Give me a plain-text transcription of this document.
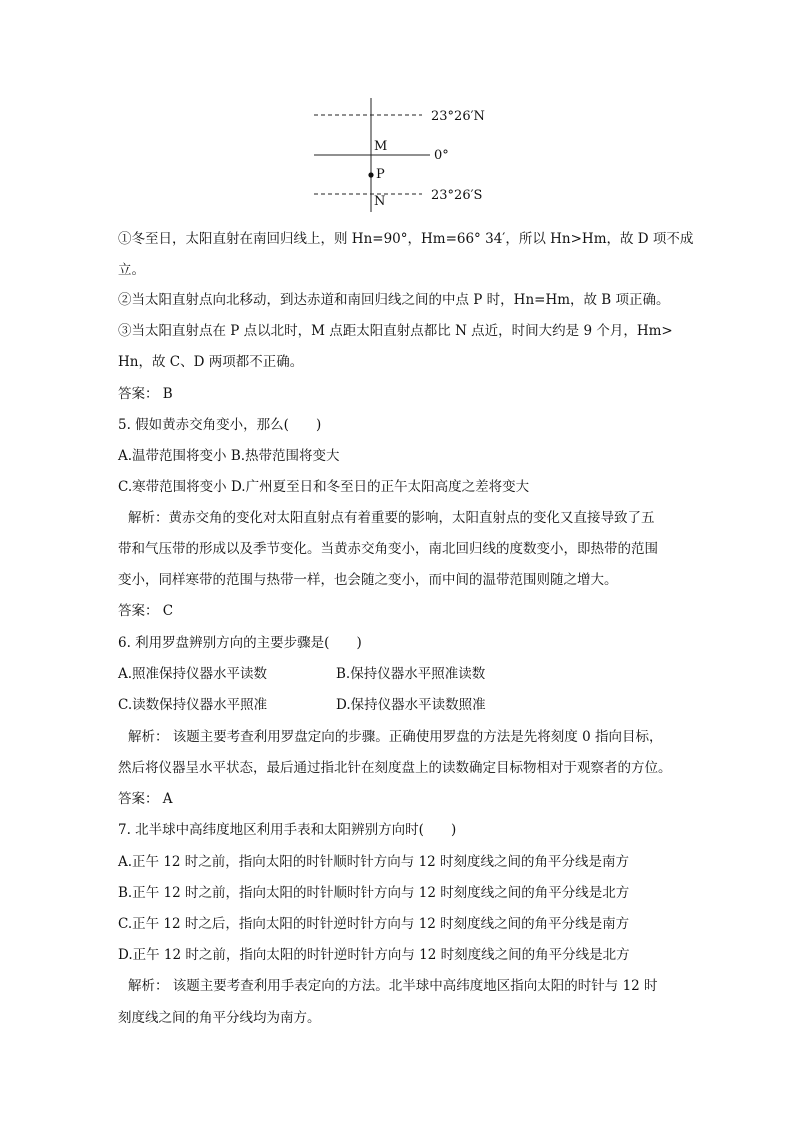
23°26′N
0°
23°26′S
M
P
N
①冬至日，太阳直射在南回归线上，则 Hn=90°，Hm=66° 34′，所以 Hn>Hm，故 D 项不成
立。
②当太阳直射点向北移动，到达赤道和南回归线之间的中点 P 时，Hn=Hm，故 B 项正确。
③当太阳直射点在 P 点以北时，M 点距太阳直射点都比 N 点近，时间大约是 9 个月，Hm>
Hn，故 C、D 两项都不正确。
答案： B
5. 假如黄赤交角变小，那么(　　)
A.温带范围将变小 B.热带范围将变大
C.寒带范围将变小 D.广州夏至日和冬至日的正午太阳高度之差将变大
解析：黄赤交角的变化对太阳直射点有着重要的影响，太阳直射点的变化又直接导致了五
带和气压带的形成以及季节变化。当黄赤交角变小，南北回归线的度数变小，即热带的范围
变小，同样寒带的范围与热带一样，也会随之变小，而中间的温带范围则随之增大。
答案： C
6. 利用罗盘辨别方向的主要步骤是(　　)
A.照准保持仪器水平读数	B.保持仪器水平照准读数
C.读数保持仪器水平照准	D.保持仪器水平读数照准
解析： 该题主要考查利用罗盘定向的步骤。正确使用罗盘的方法是先将刻度 0 指向目标，
然后将仪器呈水平状态，最后通过指北针在刻度盘上的读数确定目标物相对于观察者的方位。
答案： A
7. 北半球中高纬度地区利用手表和太阳辨别方向时(　　)
A.正午 12 时之前，指向太阳的时针顺时针方向与 12 时刻度线之间的角平分线是南方
B.正午 12 时之前，指向太阳的时针顺时针方向与 12 时刻度线之间的角平分线是北方
C.正午 12 时之后，指向太阳的时针逆时针方向与 12 时刻度线之间的角平分线是南方
D.正午 12 时之前，指向太阳的时针逆时针方向与 12 时刻度线之间的角平分线是北方
解析： 该题主要考查利用手表定向的方法。北半球中高纬度地区指向太阳的时针与 12 时
刻度线之间的角平分线均为南方。
